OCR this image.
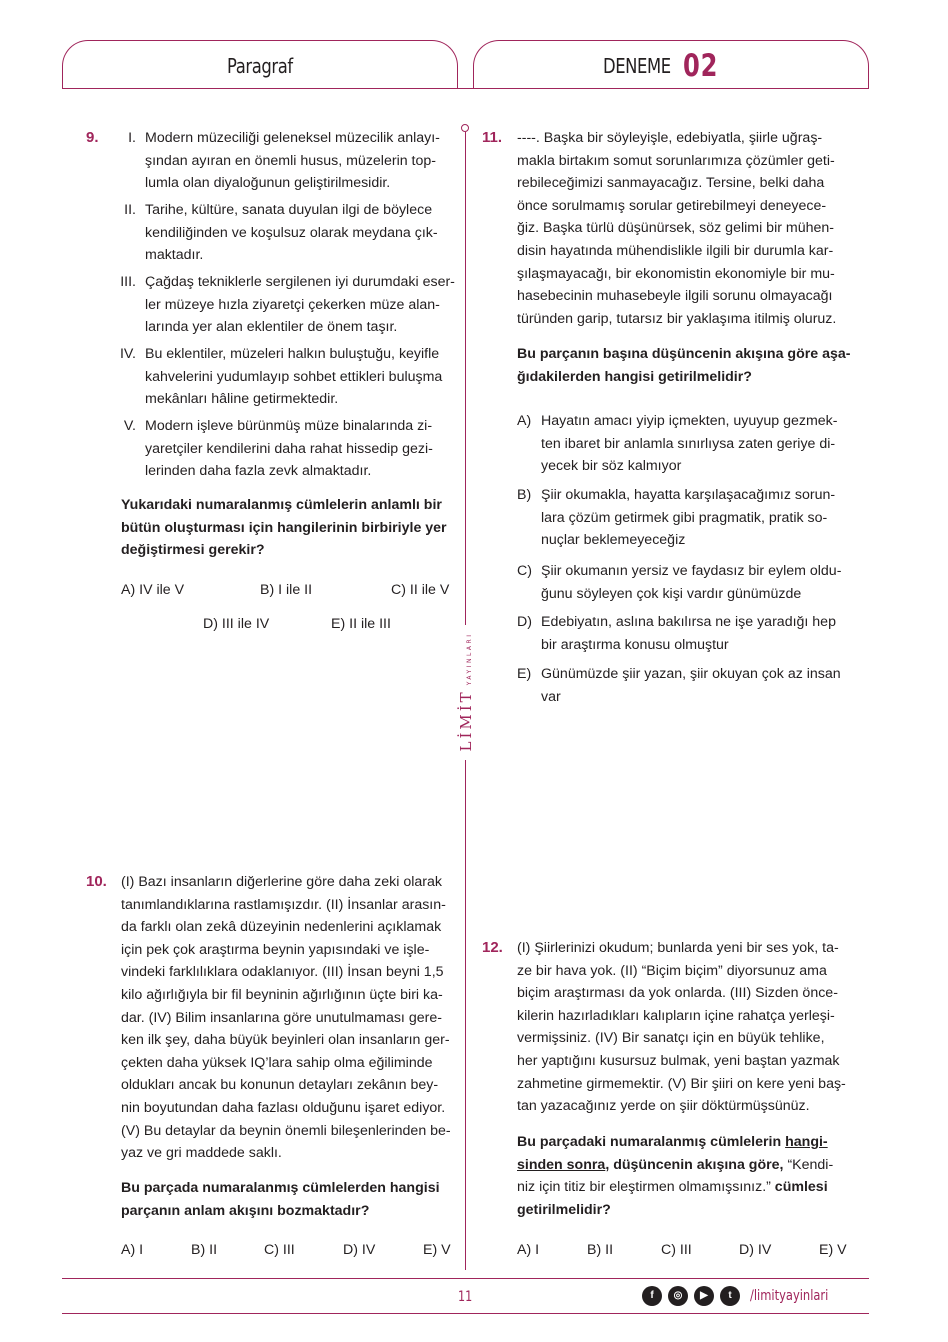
Paragraf	DENEME 02
LİMİTYAYINLARI
9.	I. Modern müzeciliği geleneksel müzecilik anlayı-
şından ayıran en önemli husus, müzelerin top-
lumla olan diyaloğunun geliştirilmesidir.
II. Tarihe, kültüre, sanata duyulan ilgi de böylece
kendiliğinden ve koşulsuz olarak meydana çık-
maktadır.
III. Çağdaş tekniklerle sergilenen iyi durumdaki eser-
ler müzeye hızla ziyaretçi çekerken müze alan-
larında yer alan eklentiler de önem taşır.
IV. Bu eklentiler, müzeleri halkın buluştuğu, keyifle
kahvelerini yudumlayıp sohbet ettikleri buluşma
mekânları hâline getirmektedir.
V. Modern işleve bürünmüş müze binalarında zi-
yaretçiler kendilerini daha rahat hissedip gezi-
lerinden daha fazla zevk almaktadır.
Yukarıdaki numaralanmış cümlelerin anlamlı bir
bütün oluşturması için hangilerinin birbiriyle yer
değiştirmesi gerekir?
A) IV ile V	B) I ile II	C) II ile V
D) III ile IV	E) II ile III
10. (I) Bazı insanların diğerlerine göre daha zeki olarak
tanımlandıklarına rastlamışızdır. (II) İnsanlar arasın-
da farklı olan zekâ düzeyinin nedenlerini açıklamak
için pek çok araştırma beynin yapısındaki ve işle-
vindeki farklılıklara odaklanıyor. (III) İnsan beyni 1,5
kilo ağırlığıyla bir fil beyninin ağırlığının üçte biri ka-
dar. (IV) Bilim insanlarına göre unutulmaması gere-
ken ilk şey, daha büyük beyinleri olan insanların ger-
çekten daha yüksek IQ’lara sahip olma eğiliminde
oldukları ancak bu konunun detayları zekânın bey-
nin boyutundan daha fazlası olduğunu işaret ediyor.
(V) Bu detaylar da beynin önemli bileşenlerinden be-
yaz ve gri maddede saklı.
Bu parçada numaralanmış cümlelerden hangisi
parçanın anlam akışını bozmaktadır?
A) I	B) II	C) III	D) IV	E) V
11. ----. Başka bir söyleyişle, edebiyatla, şiirle uğraş-
makla birtakım somut sorunlarımıza çözümler geti-
rebileceğimizi sanmayacağız. Tersine, belki daha
önce sorulmamış sorular getirebilmeyi deneyece-
ğiz. Başka türlü düşünürsek, söz gelimi bir mühen-
disin hayatında mühendislikle ilgili bir durumla kar-
şılaşmayacağı, bir ekonomistin ekonomiyle bir mu-
hasebecinin muhasebeyle ilgili sorunu olmayacağı
türünden garip, tutarsız bir yaklaşıma itilmiş oluruz.
Bu parçanın başına düşüncenin akışına göre aşa-
ğıdakilerden hangisi getirilmelidir?
A) Hayatın amacı yiyip içmekten, uyuyup gezmek-
ten ibaret bir anlamla sınırlıysa zaten geriye di-
yecek bir söz kalmıyor
B) Şiir okumakla, hayatta karşılaşacağımız sorun-
lara çözüm getirmek gibi pragmatik, pratik so-
nuçlar beklemeyeceğiz
C) Şiir okumanın yersiz ve faydasız bir eylem oldu-
ğunu söyleyen çok kişi vardır günümüzde
D) Edebiyatın, aslına bakılırsa ne işe yaradığı hep
bir araştırma konusu olmuştur
E) Günümüzde şiir yazan, şiir okuyan çok az insan
var
12. (I) Şiirlerinizi okudum; bunlarda yeni bir ses yok, ta-
ze bir hava yok. (II) “Biçim biçim” diyorsunuz ama
biçim araştırması da yok onlarda. (III) Sizden önce-
kilerin hazırladıkları kalıpların içine rahatça yerleşi-
vermişsiniz. (IV) Bir sanatçı için en büyük tehlike,
her yaptığını kusursuz bulmak, yeni baştan yazmak
zahmetine girmemektir. (V) Bir şiiri on kere yeni baş-
tan yazacağınız yerde on şiir döktürmüşsünüz.
Bu parçadaki numaralanmış cümlelerin hangi-
sinden sonra, düşüncenin akışına göre, “Kendi-
niz için titiz bir eleştirmen olmamışsınız.” cümlesi
getirilmelidir?
A) I	B) II	C) III	D) IV	E) V
11	f	◎	▶	t	/limityayinlari
